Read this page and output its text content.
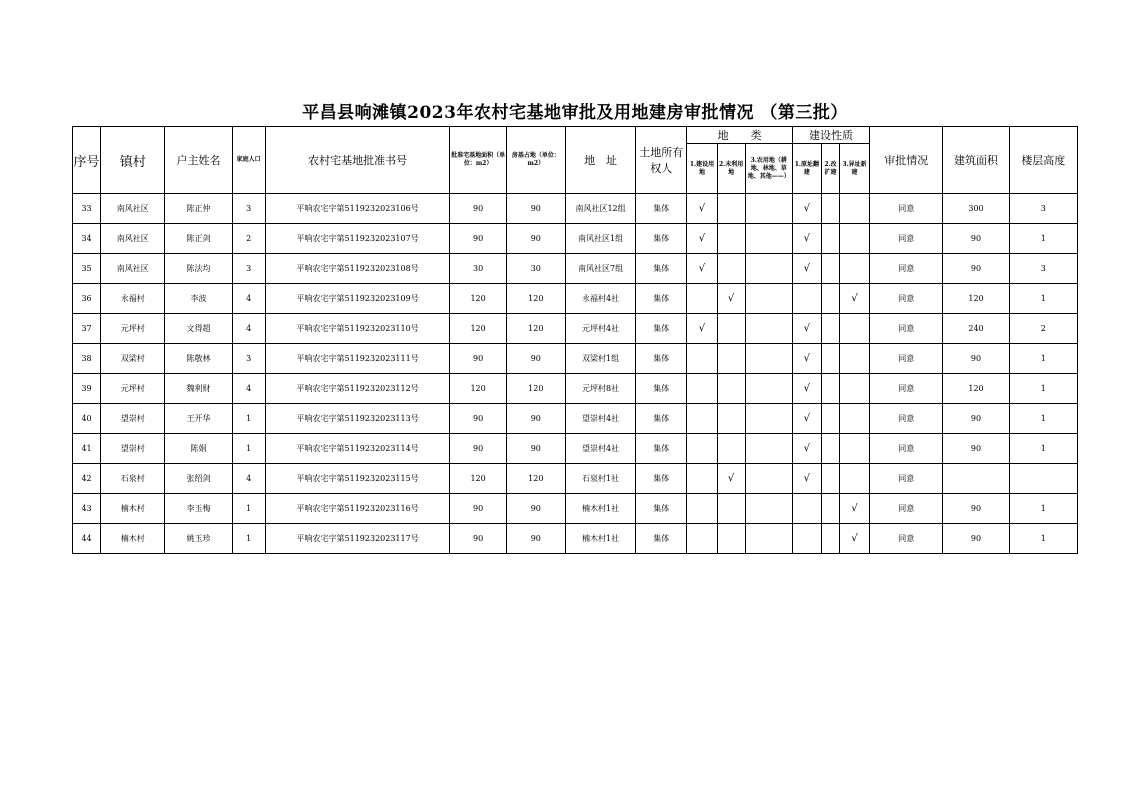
平昌县响滩镇2023年农村宅基地审批及用地建房审批情况 （第三批）
序号	镇村	户主姓名	家庭人口	农村宅基地批准书号	批准宅基地面积（单位：m2）	房基占地（单位：m2）	地　址	土地所有权人	地　　类			建设性质			审批情况	建筑面积	楼层高度

									1.建设用地	2.未利用地	3.农用地（耕地、林地、草地、其他——）	1.原址翻建	2.改扩建	3.异址新建			

33	南风社区	陈正仲	3	平响农宅字第5119232023106号	90	90	南风社区12组	集体	√			√			同意	300	3
34	南风社区	陈正剑	2	平响农宅字第5119232023107号	90	90	南风社区1组	集体	√			√			同意	90	1
35	南风社区	陈法均	3	平响农宅字第5119232023108号	30	30	南风社区7组	集体	√			√			同意	90	3
36	永福村	李波	4	平响农宅字第5119232023109号	120	120	永福村4社	集体		√				√	同意	120	1
37	元坪村	文得超	4	平响农宅字第5119232023110号	120	120	元坪村4社	集体	√			√			同意	240	2
38	双梁村	陈敬林	3	平响农宅字第5119232023111号	90	90	双梁村1组	集体				√			同意	90	1
39	元坪村	魏利财	4	平响农宅字第5119232023112号	120	120	元坪村8社	集体				√			同意	120	1
40	望崇村	王开华	1	平响农宅字第5119232023113号	90	90	望崇村4社	集体				√			同意	90	1
41	望崇村	陈娟	1	平响农宅字第5119232023114号	90	90	望崇村4社	集体				√			同意	90	1
42	石泉村	张绍剑	4	平响农宅字第5119232023115号	120	120	石泉村1社	集体		√		√			同意		
43	楠木村	李玉梅	1	平响农宅字第5119232023116号	90	90	楠木村1社	集体						√	同意	90	1
44	楠木村	姚玉珍	1	平响农宅字第5119232023117号	90	90	楠木村1社	集体						√	同意	90	1
